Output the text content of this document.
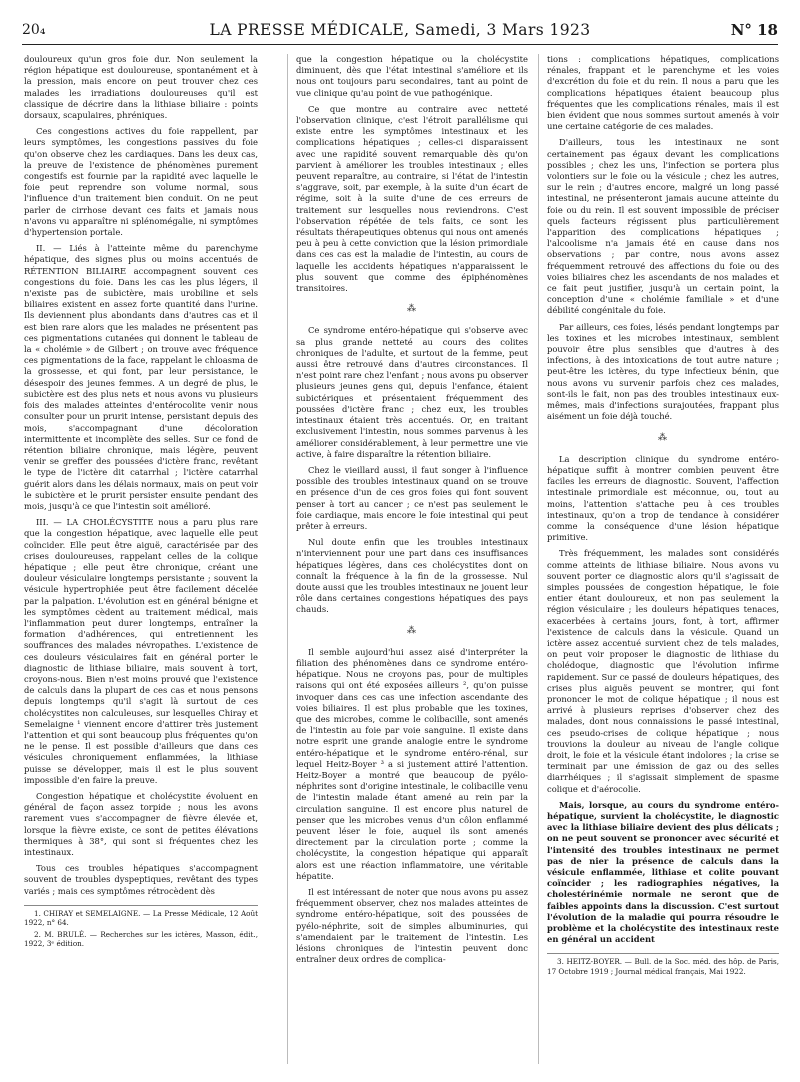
20₄	LA PRESSE MÉDICALE, Samedi, 3 Mars 1923	N° 18

douloureux qu'un gros foie dur. Non seulement la région hépatique est douloureuse, spontanément et à la pression, mais encore on peut trouver chez ces malades les irradiations douloureuses qu'il est classique de décrire dans la lithiase biliaire : points dorsaux, scapulaires, phréniques.

Ces congestions actives du foie rappellent, par leurs symptômes, les congestions passives du foie qu'on observe chez les cardiaques. Dans les deux cas, la preuve de l'existence de phénomènes purement congestifs est fournie par la rapidité avec laquelle le foie peut reprendre son volume normal, sous l'influence d'un traitement bien conduit. On ne peut parler de cirrhose devant ces faits et jamais nous n'avons vu apparaître ni splénomégalie, ni symptômes d'hypertension portale.

II. — Liés à l'atteinte même du parenchyme hépatique, des signes plus ou moins accentués de RÉTENTION BILIAIRE accompagnent souvent ces congestions du foie. Dans les cas les plus légers, il n'existe pas de subictère, mais urobiline et sels biliaires existent en assez forte quantité dans l'urine. Ils deviennent plus abondants dans d'autres cas et il est bien rare alors que les malades ne présentent pas ces pigmentations cutanées qui donnent le tableau de la « cholémie » de Gilbert ; on trouve avec fréquence ces pigmentations de la face, rappelant le chloasma de la grossesse, et qui font, par leur persistance, le désespoir des jeunes femmes. A un degré de plus, le subictère est des plus nets et nous avons vu plusieurs fois des malades atteintes d'entérocolite venir nous consulter pour un prurit intense, persistant depuis des mois, s'accompagnant d'une décoloration intermittente et incomplète des selles. Sur ce fond de rétention biliaire chronique, mais légère, peuvent venir se greffer des poussées d'ictère franc, revêtant le type de l'ictère dit catarrhal ; l'ictère catarrhal guérit alors dans les délais normaux, mais on peut voir le subictère et le prurit persister ensuite pendant des mois, jusqu'à ce que l'intestin soit amélioré.

III. — LA CHOLÉCYSTITE nous a paru plus rare que la congestion hépatique, avec laquelle elle peut coïncider. Elle peut être aiguë, caractérisée par des crises douloureuses, rappelant celles de la colique hépatique ; elle peut être chronique, créant une douleur vésiculaire longtemps persistante ; souvent la vésicule hypertrophiée peut être facilement décelée par la palpation. L'évolution est en général bénigne et les symptômes cèdent au traitement médical, mais l'inflammation peut durer longtemps, entraîner la formation d'adhérences, qui entretiennent les souffrances des malades névropathes. L'existence de ces douleurs vésiculaires fait en général porter le diagnostic de lithiase biliaire, mais souvent à tort, croyons-nous. Bien n'est moins prouvé que l'existence de calculs dans la plupart de ces cas et nous pensons depuis longtemps qu'il s'agit là surtout de ces cholécystites non calculeuses, sur lesquelles Chiray et Semelaigne ¹ viennent encore d'attirer très justement l'attention et qui sont beaucoup plus fréquentes qu'on ne le pense. Il est possible d'ailleurs que dans ces vésicules chroniquement enflammées, la lithiase puisse se développer, mais il est le plus souvent impossible d'en faire la preuve.

Congestion hépatique et cholécystite évoluent en général de façon assez torpide ; nous les avons rarement vues s'accompagner de fièvre élevée et, lorsque la fièvre existe, ce sont de petites élévations thermiques à 38°, qui sont si fréquentes chez les intestinaux.

Tous ces troubles hépatiques s'accompagnent souvent de troubles dyspeptiques, revêtant des types variés ; mais ces symptômes rétrocèdent dès

1. CHIRAY et SEMELAIGNE. — La Presse Médicale, 12 Août 1922, n° 64.

2. M. BRULÉ. — Recherches sur les ictères, Masson, édit., 1922, 3ᵉ édition.

que la congestion hépatique ou la cholécystite diminuent, dès que l'état intestinal s'améliore et ils nous ont toujours paru secondaires, tant au point de vue clinique qu'au point de vue pathogénique.

Ce que montre au contraire avec netteté l'observation clinique, c'est l'étroit parallélisme qui existe entre les symptômes intestinaux et les complications hépatiques ; celles-ci disparaissent avec une rapidité souvent remarquable dès qu'on parvient à améliorer les troubles intestinaux ; elles peuvent reparaître, au contraire, si l'état de l'intestin s'aggrave, soit, par exemple, à la suite d'un écart de régime, soit à la suite d'une de ces erreurs de traitement sur lesquelles nous reviendrons. C'est l'observation répétée de tels faits, ce sont les résultats thérapeutiques obtenus qui nous ont amenés peu à peu à cette conviction que la lésion primordiale dans ces cas est la maladie de l'intestin, au cours de laquelle les accidents hépatiques n'apparaissent le plus souvent que comme des épiphénomènes transitoires.

⁂

Ce syndrome entéro-hépatique qui s'observe avec sa plus grande netteté au cours des colites chroniques de l'adulte, et surtout de la femme, peut aussi être retrouvé dans d'autres circonstances. Il n'est point rare chez l'enfant ; nous avons pu observer plusieurs jeunes gens qui, depuis l'enfance, étaient subictériques et présentaient fréquemment des poussées d'ictère franc ; chez eux, les troubles intestinaux étaient très accentués. Or, en traitant exclusivement l'intestin, nous sommes parvenus à les améliorer considérablement, à leur permettre une vie active, à faire disparaître la rétention biliaire.

Chez le vieillard aussi, il faut songer à l'influence possible des troubles intestinaux quand on se trouve en présence d'un de ces gros foies qui font souvent penser à tort au cancer ; ce n'est pas seulement le foie cardiaque, mais encore le foie intestinal qui peut prêter à erreurs.

Nul doute enfin que les troubles intestinaux n'interviennent pour une part dans ces insuffisances hépatiques légères, dans ces cholécystites dont on connaît la fréquence à la fin de la grossesse. Nul doute aussi que les troubles intestinaux ne jouent leur rôle dans certaines congestions hépatiques des pays chauds.

⁂

Il semble aujourd'hui assez aisé d'interpréter la filiation des phénomènes dans ce syndrome entéro-hépatique. Nous ne croyons pas, pour de multiples raisons qui ont été exposées ailleurs ², qu'on puisse invoquer dans ces cas une infection ascendante des voies biliaires. Il est plus probable que les toxines, que des microbes, comme le colibacille, sont amenés de l'intestin au foie par voie sanguine. Il existe dans notre esprit une grande analogie entre le syndrome entéro-hépatique et le syndrome entéro-rénal, sur lequel Heitz-Boyer ³ a si justement attiré l'attention. Heitz-Boyer a montré que beaucoup de pyélo-néphrites sont d'origine intestinale, le colibacille venu de l'intestin malade étant amené au rein par la circulation sanguine. Il est encore plus naturel de penser que les microbes venus d'un côlon enflammé peuvent léser le foie, auquel ils sont amenés directement par la circulation porte ; comme la cholécystite, la congestion hépatique qui apparaît alors est une réaction inflammatoire, une véritable hépatite.

Il est intéressant de noter que nous avons pu assez fréquemment observer, chez nos malades atteintes de syndrome entéro-hépatique, soit des poussées de pyélo-néphrite, soit de simples albuminuries, qui s'amendaient par le traitement de l'intestin. Les lésions chroniques de l'intestin peuvent donc entraîner deux ordres de complica-

tions : complications hépatiques, complications rénales, frappant et le parenchyme et les voies d'excrétion du foie et du rein. Il nous a paru que les complications hépatiques étaient beaucoup plus fréquentes que les complications rénales, mais il est bien évident que nous sommes surtout amenés à voir une certaine catégorie de ces malades.

D'ailleurs, tous les intestinaux ne sont certainement pas égaux devant les complications possibles ; chez les uns, l'infection se portera plus volontiers sur le foie ou la vésicule ; chez les autres, sur le rein ; d'autres encore, malgré un long passé intestinal, ne présenteront jamais aucune atteinte du foie ou du rein. Il est souvent impossible de préciser quels facteurs régissent plus particulièrement l'apparition des complications hépatiques ; l'alcoolisme n'a jamais été en cause dans nos observations ; par contre, nous avons assez fréquemment retrouvé des affections du foie ou des voies biliaires chez les ascendants de nos malades et ce fait peut justifier, jusqu'à un certain point, la conception d'une « cholémie familiale » et d'une débilité congénitale du foie.

Par ailleurs, ces foies, lésés pendant longtemps par les toxines et les microbes intestinaux, semblent pouvoir être plus sensibles que d'autres à des infections, à des intoxications de tout autre nature ; peut-être les ictères, du type infectieux bénin, que nous avons vu survenir parfois chez ces malades, sont-ils le fait, non pas des troubles intestinaux eux-mêmes, mais d'infections surajoutées, frappant plus aisément un foie déjà touché.

⁂

La description clinique du syndrome entéro-hépatique suffit à montrer combien peuvent être faciles les erreurs de diagnostic. Souvent, l'affection intestinale primordiale est méconnue, ou, tout au moins, l'attention s'attache peu à ces troubles intestinaux, qu'on a trop de tendance à considérer comme la conséquence d'une lésion hépatique primitive.

Très fréquemment, les malades sont considérés comme atteints de lithiase biliaire. Nous avons vu souvent porter ce diagnostic alors qu'il s'agissait de simples poussées de congestion hépatique, le foie entier étant douloureux, et non pas seulement la région vésiculaire ; les douleurs hépatiques tenaces, exacerbées à certains jours, font, à tort, affirmer l'existence de calculs dans la vésicule. Quand un ictère assez accentué survient chez de tels malades, on peut voir proposer le diagnostic de lithiase du cholédoque, diagnostic que l'évolution infirme rapidement. Sur ce passé de douleurs hépatiques, des crises plus aiguës peuvent se montrer, qui font prononcer le mot de colique hépatique ; il nous est arrivé à plusieurs reprises d'observer chez des malades, dont nous connaissions le passé intestinal, ces pseudo-crises de colique hépatique ; nous trouvions la douleur au niveau de l'angle colique droit, le foie et la vésicule étant indolores ; la crise se terminait par une émission de gaz ou des selles diarrhéiques ; il s'agissait simplement de spasme colique et d'aérocolie.

Mais, lorsque, au cours du syndrome entéro-hépatique, survient la cholécystite, le diagnostic avec la lithiase biliaire devient des plus délicats ; on ne peut souvent se prononcer avec sécurité et l'intensité des troubles intestinaux ne permet pas de nier la présence de calculs dans la vésicule enflammée, lithiase et colite pouvant coïncider ; les radiographies négatives, la cholestérinémie normale ne seront que de faibles appoints dans la discussion. C'est surtout l'évolution de la maladie qui pourra résoudre le problème et la cholécystite des intestinaux reste en général un accident

3. HEITZ-BOYER. — Bull. de la Soc. méd. des hôp. de Paris, 17 Octobre 1919 ; Journal médical français, Mai 1922.
